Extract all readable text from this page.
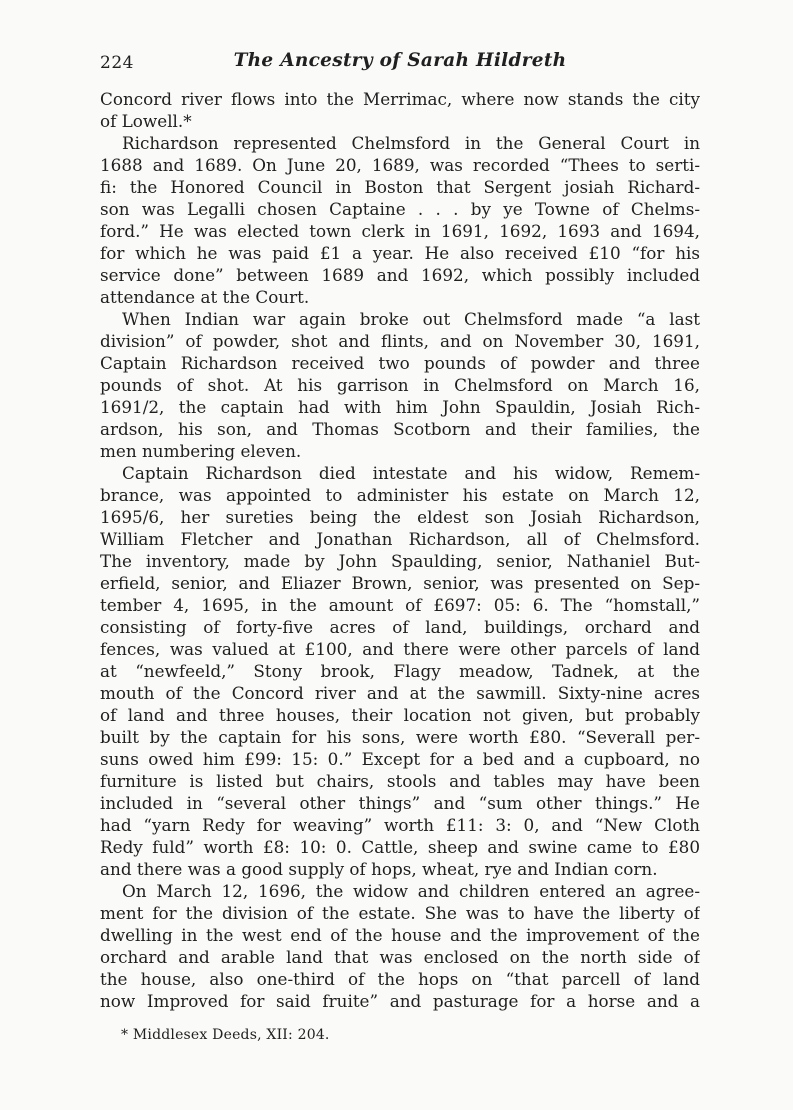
224	The Ancestry of Sarah Hildreth
Concord river flows into the Merrimac, where now stands the city
of Lowell.*
Richardson represented Chelmsford in the General Court in
1688 and 1689. On June 20, 1689, was recorded “Thees to serti-
fi: the Honored Council in Boston that Sergent josiah Richard-
son was Legalli chosen Captaine . . . by ye Towne of Chelms-
ford.” He was elected town clerk in 1691, 1692, 1693 and 1694,
for which he was paid £1 a year. He also received £10 “for his
service done” between 1689 and 1692, which possibly included
attendance at the Court.
When Indian war again broke out Chelmsford made “a last
division” of powder, shot and flints, and on November 30, 1691,
Captain Richardson received two pounds of powder and three
pounds of shot. At his garrison in Chelmsford on March 16,
1691/2, the captain had with him John Spauldin, Josiah Rich-
ardson, his son, and Thomas Scotborn and their families, the
men numbering eleven.
Captain Richardson died intestate and his widow, Remem-
brance, was appointed to administer his estate on March 12,
1695/6, her sureties being the eldest son Josiah Richardson,
William Fletcher and Jonathan Richardson, all of Chelmsford.
The inventory, made by John Spaulding, senior, Nathaniel But-
erfield, senior, and Eliazer Brown, senior, was presented on Sep-
tember 4, 1695, in the amount of £697: 05: 6. The “homstall,”
consisting of forty-five acres of land, buildings, orchard and
fences, was valued at £100, and there were other parcels of land
at “newfeeld,” Stony brook, Flagy meadow, Tadnek, at the
mouth of the Concord river and at the sawmill. Sixty-nine acres
of land and three houses, their location not given, but probably
built by the captain for his sons, were worth £80. “Severall per-
suns owed him £99: 15: 0.” Except for a bed and a cupboard, no
furniture is listed but chairs, stools and tables may have been
included in “several other things” and “sum other things.” He
had “yarn Redy for weaving” worth £11: 3: 0, and “New Cloth
Redy fuld” worth £8: 10: 0. Cattle, sheep and swine came to £80
and there was a good supply of hops, wheat, rye and Indian corn.
On March 12, 1696, the widow and children entered an agree-
ment for the division of the estate. She was to have the liberty of
dwelling in the west end of the house and the improvement of the
orchard and arable land that was enclosed on the north side of
the house, also one-third of the hops on “that parcell of land
now Improved for said fruite” and pasturage for a horse and a
* Middlesex Deeds, XII: 204.
